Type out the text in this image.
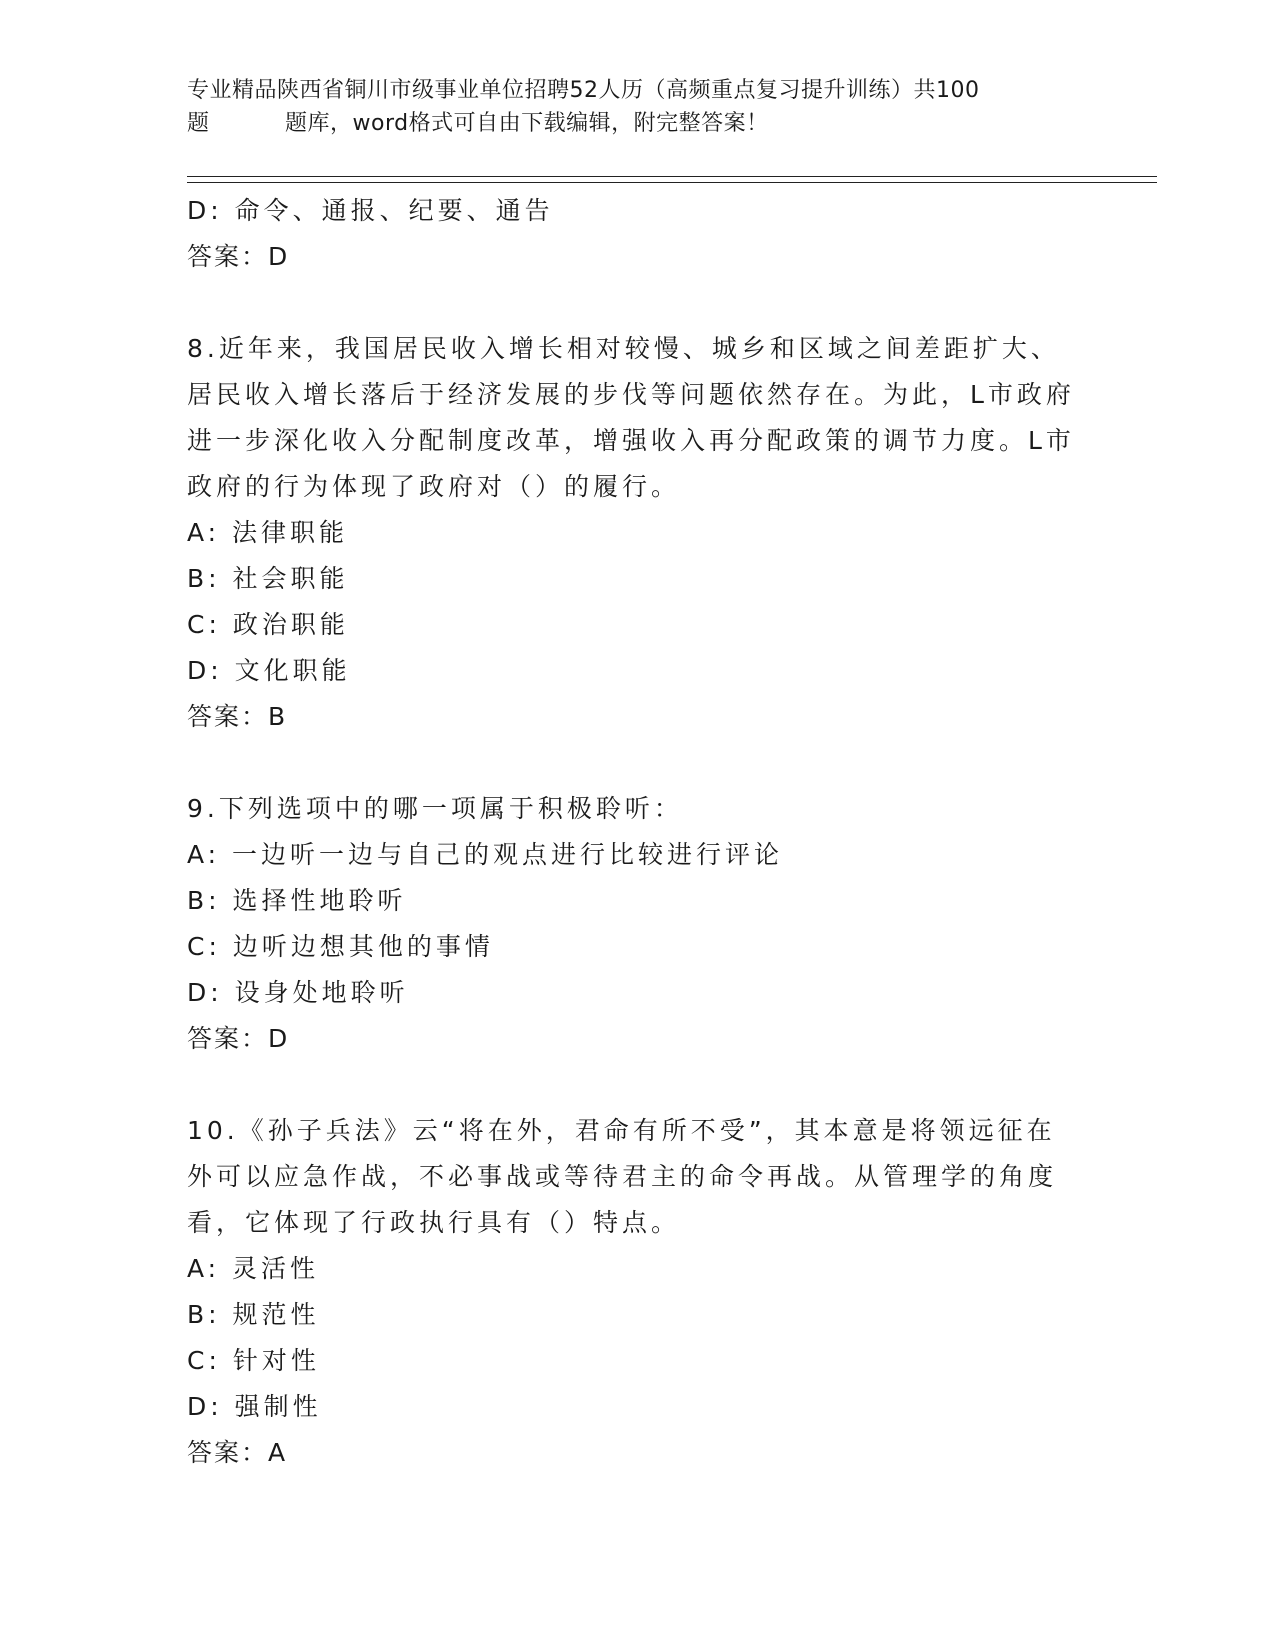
专业精品陕西省铜川市级事业单位招聘52人历（高频重点复习提升训练）共100
题	题库，word格式可自由下载编辑，附完整答案！
D: 命令、通报、纪要、通告
答案：D
8.近年来，我国居民收入增长相对较慢、城乡和区域之间差距扩大、
居民收入增长落后于经济发展的步伐等问题依然存在。为此，L市政府
进一步深化收入分配制度改革，增强收入再分配政策的调节力度。L市
政府的行为体现了政府对（）的履行。
A: 法律职能
B: 社会职能
C: 政治职能
D: 文化职能
答案：B
9.下列选项中的哪一项属于积极聆听：
A: 一边听一边与自己的观点进行比较进行评论
B: 选择性地聆听
C: 边听边想其他的事情
D: 设身处地聆听
答案：D
10.《孙子兵法》云“将在外，君命有所不受”，其本意是将领远征在
外可以应急作战，不必事战或等待君主的命令再战。从管理学的角度
看，它体现了行政执行具有（）特点。
A: 灵活性
B: 规范性
C: 针对性
D: 强制性
答案：A
